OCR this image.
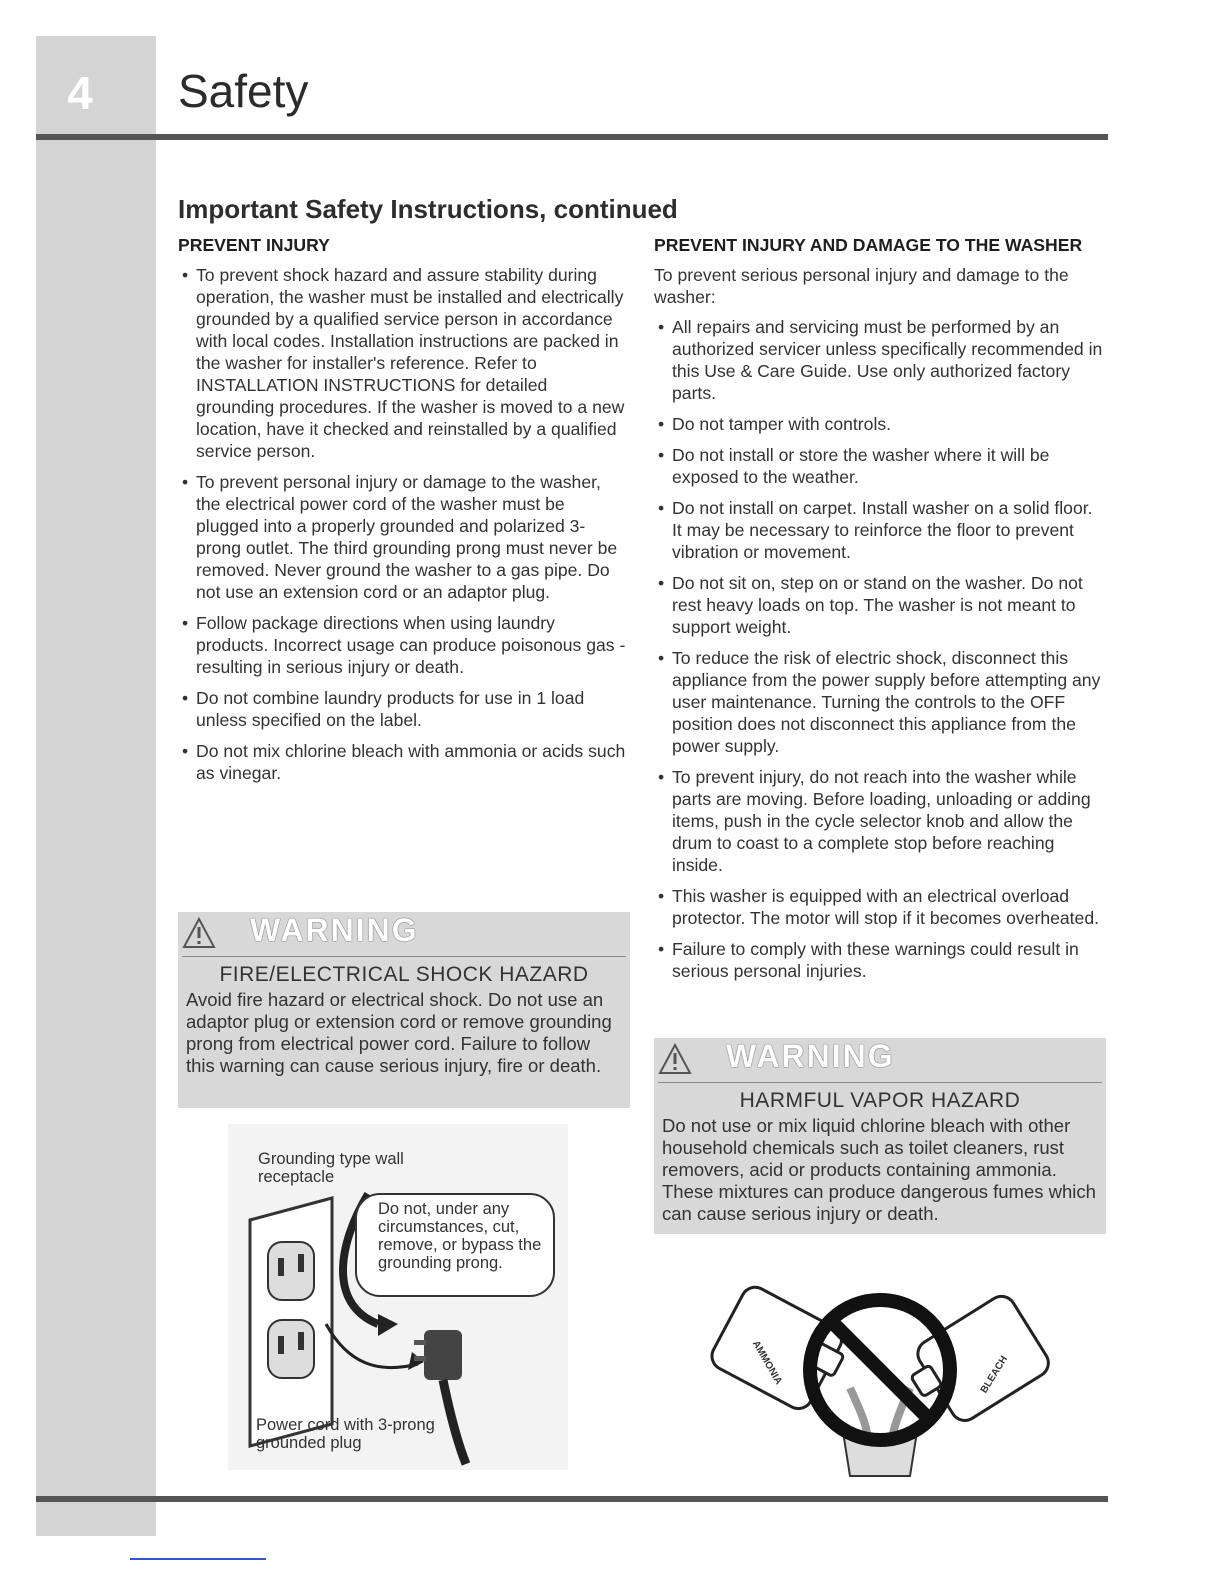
4	Safety
Important Safety Instructions, continued
PREVENT INJURY
• To prevent shock hazard and assure stability during operation, the washer must be installed and electrically grounded by a qualified service person in accordance with local codes. Installation instructions are packed in the washer for installer's reference. Refer to INSTALLATION INSTRUCTIONS for detailed grounding procedures. If the washer is moved to a new location, have it checked and reinstalled by a qualified service person.
• To prevent personal injury or damage to the washer, the electrical power cord of the washer must be plugged into a properly grounded and polarized 3-prong outlet. The third grounding prong must never be removed. Never ground the washer to a gas pipe. Do not use an extension cord or an adaptor plug.
• Follow package directions when using laundry products. Incorrect usage can produce poisonous gas - resulting in serious injury or death.
• Do not combine laundry products for use in 1 load unless specified on the label.
• Do not mix chlorine bleach with ammonia or acids such as vinegar.
PREVENT INJURY AND DAMAGE TO THE WASHER

To prevent serious personal injury and damage to the washer:

• All repairs and servicing must be performed by an authorized servicer unless specifically recommended in this Use & Care Guide. Use only authorized factory parts.
• Do not tamper with controls.
• Do not install or store the washer where it will be exposed to the weather.
• Do not install on carpet. Install washer on a solid floor. It may be necessary to reinforce the floor to prevent vibration or movement.
• Do not sit on, step on or stand on the washer. Do not rest heavy loads on top. The washer is not meant to support weight.
• To reduce the risk of electric shock, disconnect this appliance from the power supply before attempting any user maintenance. Turning the controls to the OFF position does not disconnect this appliance from the power supply.
• To prevent injury, do not reach into the washer while parts are moving. Before loading, unloading or adding items, push in the cycle selector knob and allow the drum to coast to a complete stop before reaching inside.
• This washer is equipped with an electrical overload protector. The motor will stop if it becomes overheated.
• Failure to comply with these warnings could result in serious personal injuries.
WARNING
FIRE/ELECTRICAL SHOCK HAZARD
Avoid fire hazard or electrical shock. Do not use an adaptor plug or extension cord or remove grounding prong from electrical power cord. Failure to follow this warning can cause serious injury, fire or death.	WARNING
HARMFUL VAPOR HAZARD
Do not use or mix liquid chlorine bleach with other household chemicals such as toilet cleaners, rust removers, acid or products containing ammonia. These mixtures can produce dangerous fumes which can cause serious injury or death.
Grounding type wall receptacle
Do not, under any circumstances, cut, remove, or bypass the grounding prong.
Power cord with 3-prong grounded plug
AMMONIA	BLEACH
